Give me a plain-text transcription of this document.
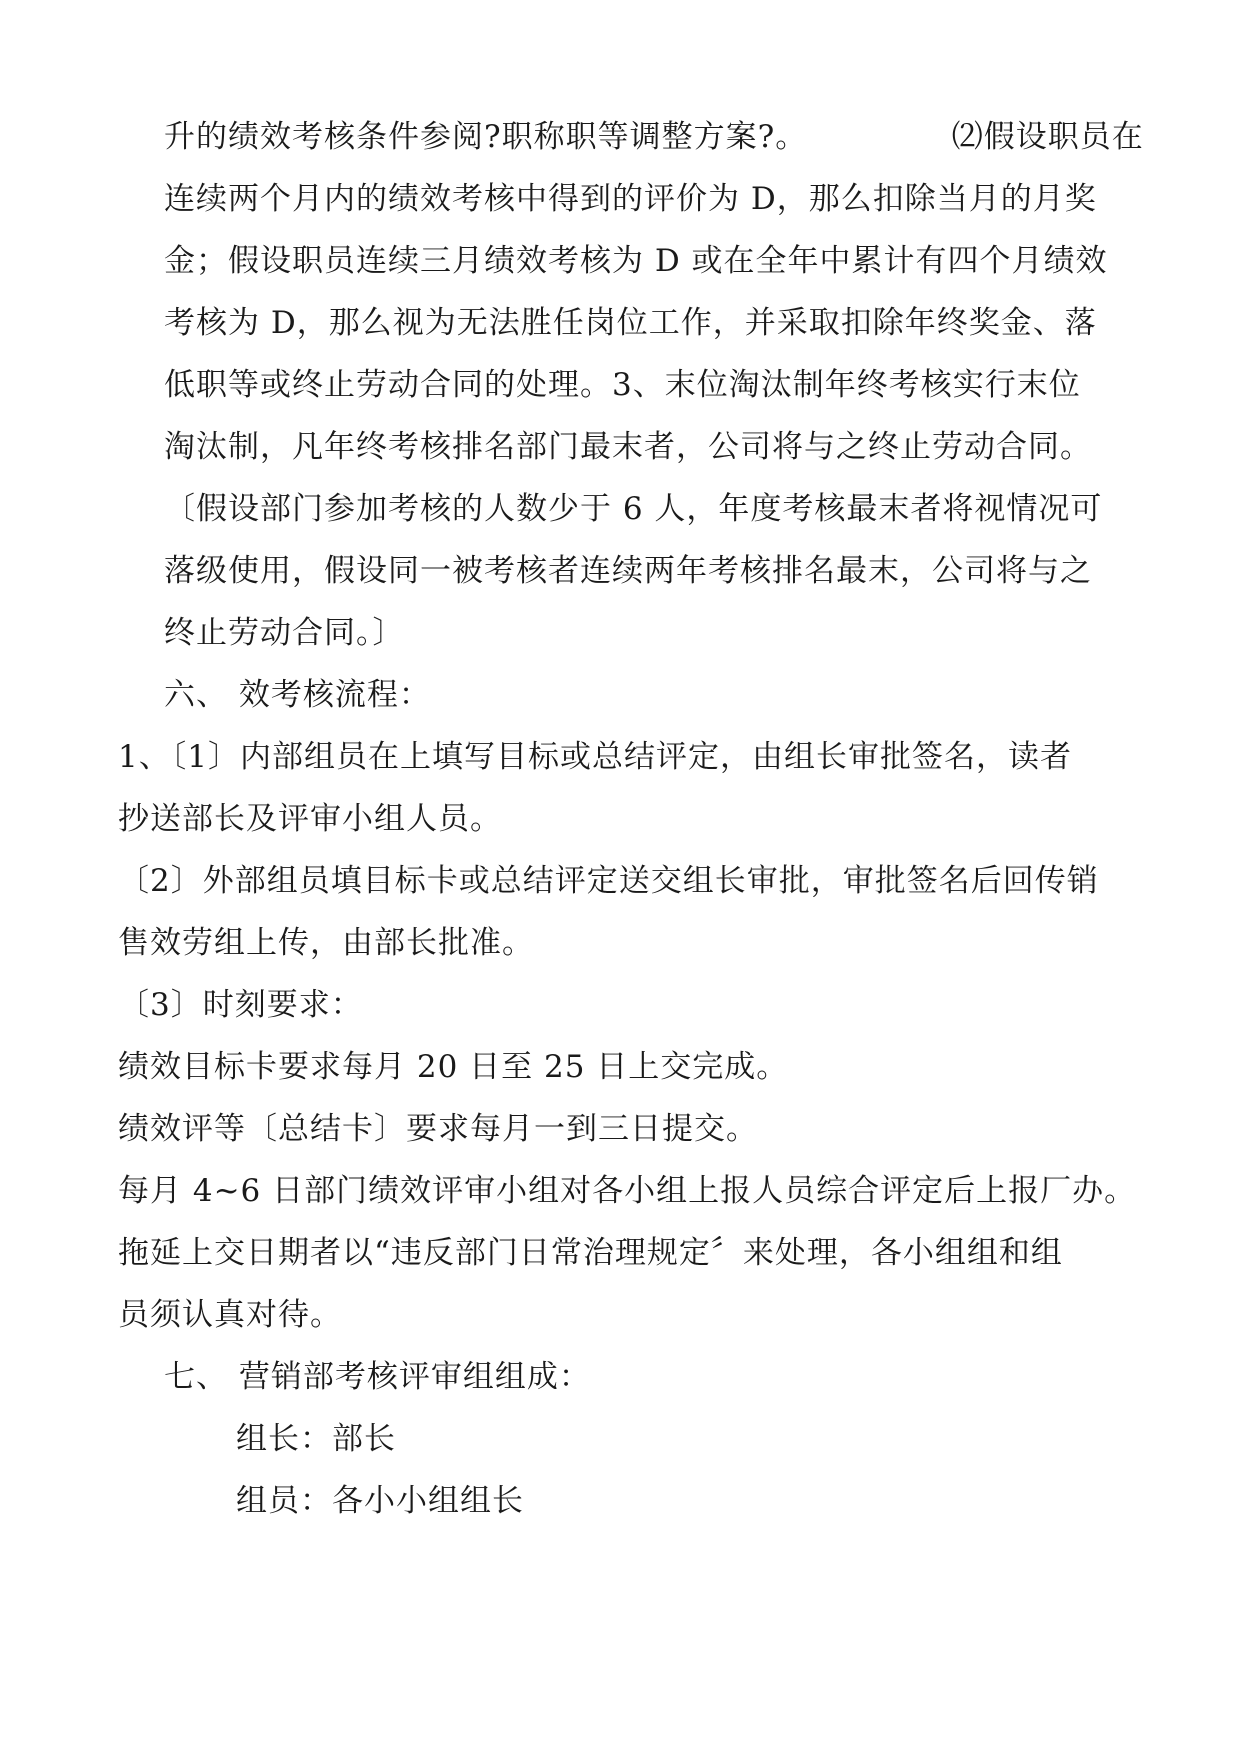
升的绩效考核条件参阅?职称职等调整方案?。　　　　　⑵假设职员在
连续两个月内的绩效考核中得到的评价为 D，那么扣除当月的月奖
金；假设职员连续三月绩效考核为 D 或在全年中累计有四个月绩效
考核为 D，那么视为无法胜任岗位工作，并采取扣除年终奖金、落
低职等或终止劳动合同的处理。3、末位淘汰制年终考核实行末位
淘汰制，凡年终考核排名部门最末者，公司将与之终止劳动合同。
〔假设部门参加考核的人数少于 6 人，年度考核最末者将视情况可
落级使用，假设同一被考核者连续两年考核排名最末，公司将与之
终止劳动合同。〕
六、 效考核流程：
1、〔1〕内部组员在上填写目标或总结评定，由组长审批签名，读者
抄送部长及评审小组人员。
〔2〕外部组员填目标卡或总结评定送交组长审批，审批签名后回传销
售效劳组上传，由部长批准。
〔3〕时刻要求：
绩效目标卡要求每月 20 日至 25 日上交完成。
绩效评等〔总结卡〕要求每月一到三日提交。
每月 4~6 日部门绩效评审小组对各小组上报人员综合评定后上报厂办。
拖延上交日期者以“违反部门日常治理规定〞来处理，各小组组和组
员须认真对待。
七、 营销部考核评审组组成：
组长：部长
组员：各小小组组长
